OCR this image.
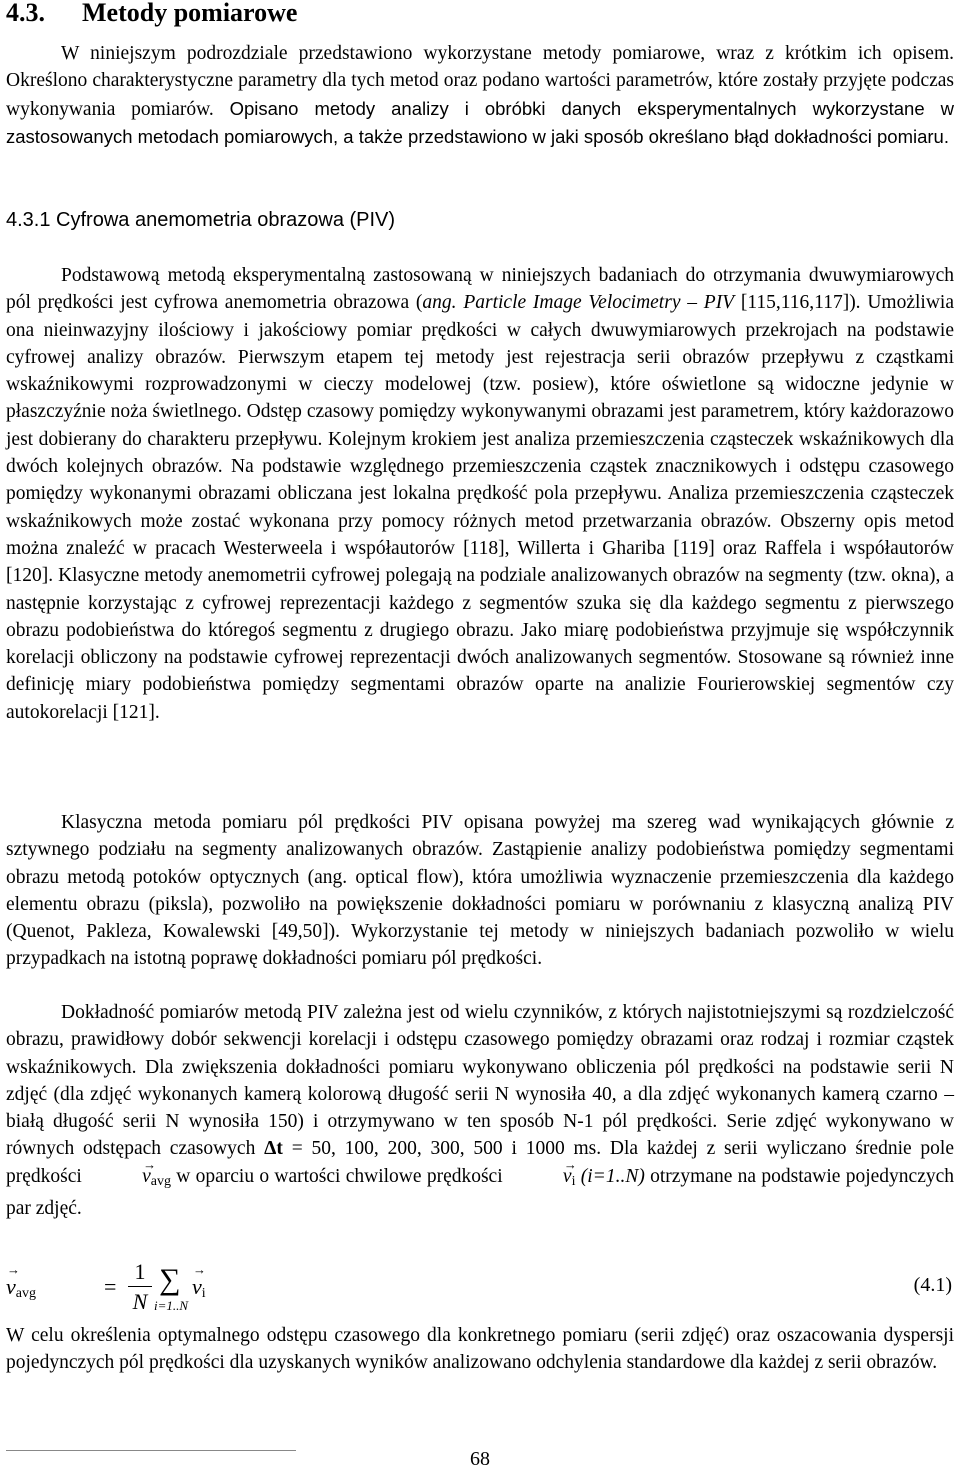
4.3. Metody pomiarowe

W niniejszym podrozdziale przedstawiono wykorzystane metody pomiarowe, wraz z krótkim ich opisem. Określono charakterystyczne parametry dla tych metod oraz podano wartości parametrów, które zostały przyjęte podczas wykonywania pomiarów. Opisano metody analizy i obróbki danych eksperymentalnych wykorzystane w zastosowanych metodach pomiarowych, a także przedstawiono w jaki sposób określano błąd dokładności pomiaru.

4.3.1 Cyfrowa anemometria obrazowa (PIV)

Podstawową metodą eksperymentalną zastosowaną w niniejszych badaniach do otrzymania dwuwymiarowych pól prędkości jest cyfrowa anemometria obrazowa (ang. Particle Image Velocimetry – PIV [115,116,117]). Umożliwia ona nieinwazyjny ilościowy i jakościowy pomiar prędkości w całych dwuwymiarowych przekrojach na podstawie cyfrowej analizy obrazów. Pierwszym etapem tej metody jest rejestracja serii obrazów przepływu z cząstkami wskaźnikowymi rozprowadzonymi w cieczy modelowej (tzw. posiew), które oświetlone są widoczne jedynie w płaszczyźnie noża świetlnego. Odstęp czasowy pomiędzy wykonywanymi obrazami jest parametrem, który każdorazowo jest dobierany do charakteru przepływu. Kolejnym krokiem jest analiza przemieszczenia cząsteczek wskaźnikowych dla dwóch kolejnych obrazów. Na podstawie względnego przemieszczenia cząstek znacznikowych i odstępu czasowego pomiędzy wykonanymi obrazami obliczana jest lokalna prędkość pola przepływu. Analiza przemieszczenia cząsteczek wskaźnikowych może zostać wykonana przy pomocy różnych metod przetwarzania obrazów. Obszerny opis metod można znaleźć w pracach Westerweela i współautorów [118], Willerta i Ghariba [119] oraz Raffela i współautorów [120]. Klasyczne metody anemometrii cyfrowej polegają na podziale analizowanych obrazów na segmenty (tzw. okna), a następnie korzystając z cyfrowej reprezentacji każdego z segmentów szuka się dla każdego segmentu z pierwszego obrazu podobieństwa do któregoś segmentu z drugiego obrazu. Jako miarę podobieństwa przyjmuje się współczynnik korelacji obliczony na podstawie cyfrowej reprezentacji dwóch analizowanych segmentów. Stosowane są również inne definicję miary podobieństwa pomiędzy segmentami obrazów oparte na analizie Fourierowskiej segmentów czy autokorelacji [121].

Klasyczna metoda pomiaru pól prędkości PIV opisana powyżej ma szereg wad wynikających głównie z sztywnego podziału na segmenty analizowanych obrazów. Zastąpienie analizy podobieństwa pomiędzy segmentami obrazu metodą potoków optycznych (ang. optical flow), która umożliwia wyznaczenie przemieszczenia dla każdego elementu obrazu (piksla), pozwoliło na powiększenie dokładności pomiaru w porównaniu z klasyczną analizą PIV (Quenot, Pakleza, Kowalewski [49,50]). Wykorzystanie tej metody w niniejszych badaniach pozwoliło w wielu przypadkach na istotną poprawę dokładności pomiaru pól prędkości.

Dokładność pomiarów metodą PIV zależna jest od wielu czynników, z których najistotniejszymi są rozdzielczość obrazu, prawidłowy dobór sekwencji korelacji i odstępu czasowego pomiędzy obrazami oraz rodzaj i rozmiar cząstek wskaźnikowych. Dla zwiększenia dokładności pomiaru wykonywano obliczenia pól prędkości na podstawie serii N zdjęć (dla zdjęć wykonanych kamerą kolorową długość serii N wynosiła 40, a dla zdjęć wykonanych kamerą czarno – białą długość serii N wynosiła 150) i otrzymywano w ten sposób N-1 pól prędkości. Serie zdjęć wykonywano w równych odstępach czasowych Δt = 50, 100, 200, 300, 500 i 1000 ms. Dla każdej z serii wyliczano średnie pole prędkości	→ $v_{avg}$ w oparciu o wartości chwilowe prędkości	→ $v_i$ (i=1..N) otrzymane na podstawie pojedynczych par zdjęć.

→ $v_{avg}$	=
1
N
∑
i=1..N
→ $v_i$	(4.1)

W celu określenia optymalnego odstępu czasowego dla konkretnego pomiaru (serii zdjęć) oraz oszacowania dyspersji pojedynczych pól prędkości dla uzyskanych wyników analizowano odchylenia standardowe dla każdej z serii obrazów.

68
